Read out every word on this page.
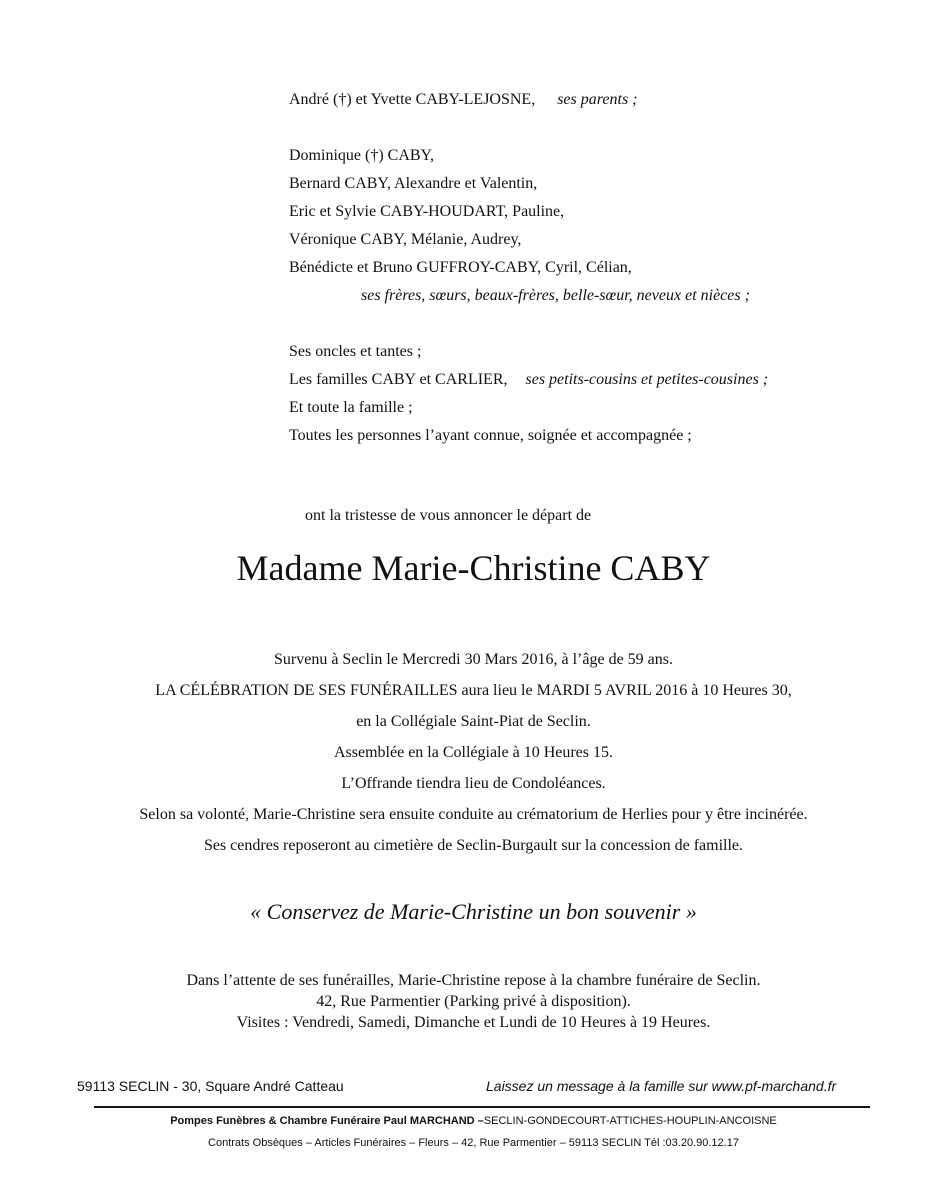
André (†) et Yvette CABY-LEJOSNE, ses parents ;
Dominique (†) CABY,
Bernard CABY, Alexandre et Valentin,
Eric et Sylvie CABY-HOUDART, Pauline,
Véronique CABY, Mélanie, Audrey,
Bénédicte et Bruno GUFFROY-CABY, Cyril, Célian,
ses frères, sœurs, beaux-frères, belle-sœur, neveux et nièces ;
Ses oncles et tantes ;
Les familles CABY et CARLIER, ses petits-cousins et petites-cousines ;
Et toute la famille ;
Toutes les personnes l’ayant connue, soignée et accompagnée ;
ont la tristesse de vous annoncer le départ de
Madame Marie-Christine CABY
Survenu à Seclin le Mercredi 30 Mars 2016, à l’âge de 59 ans.
LA CÉLÉBRATION DE SES FUNÉRAILLES aura lieu le MARDI 5 AVRIL 2016 à 10 Heures 30,
en la Collégiale Saint-Piat de Seclin.
Assemblée en la Collégiale à 10 Heures 15.
L’Offrande tiendra lieu de Condoléances.
Selon sa volonté, Marie-Christine sera ensuite conduite au crématorium de Herlies pour y être incinérée.
Ses cendres reposeront au cimetière de Seclin-Burgault sur la concession de famille.
« Conservez de Marie-Christine un bon souvenir »
Dans l’attente de ses funérailles, Marie-Christine repose à la chambre funéraire de Seclin.
42, Rue Parmentier (Parking privé à disposition).
Visites : Vendredi, Samedi, Dimanche et Lundi de 10 Heures à 19 Heures.
59113 SECLIN - 30, Square André Catteau	Laissez un message à la famille sur www.pf-marchand.fr
Pompes Funèbres & Chambre Funéraire Paul MARCHAND –SECLIN-GONDECOURT-ATTICHES-HOUPLIN-ANCOISNE
Contrats Obsèques – Articles Funéraires – Fleurs – 42, Rue Parmentier – 59113 SECLIN Tél :03.20.90.12.17
